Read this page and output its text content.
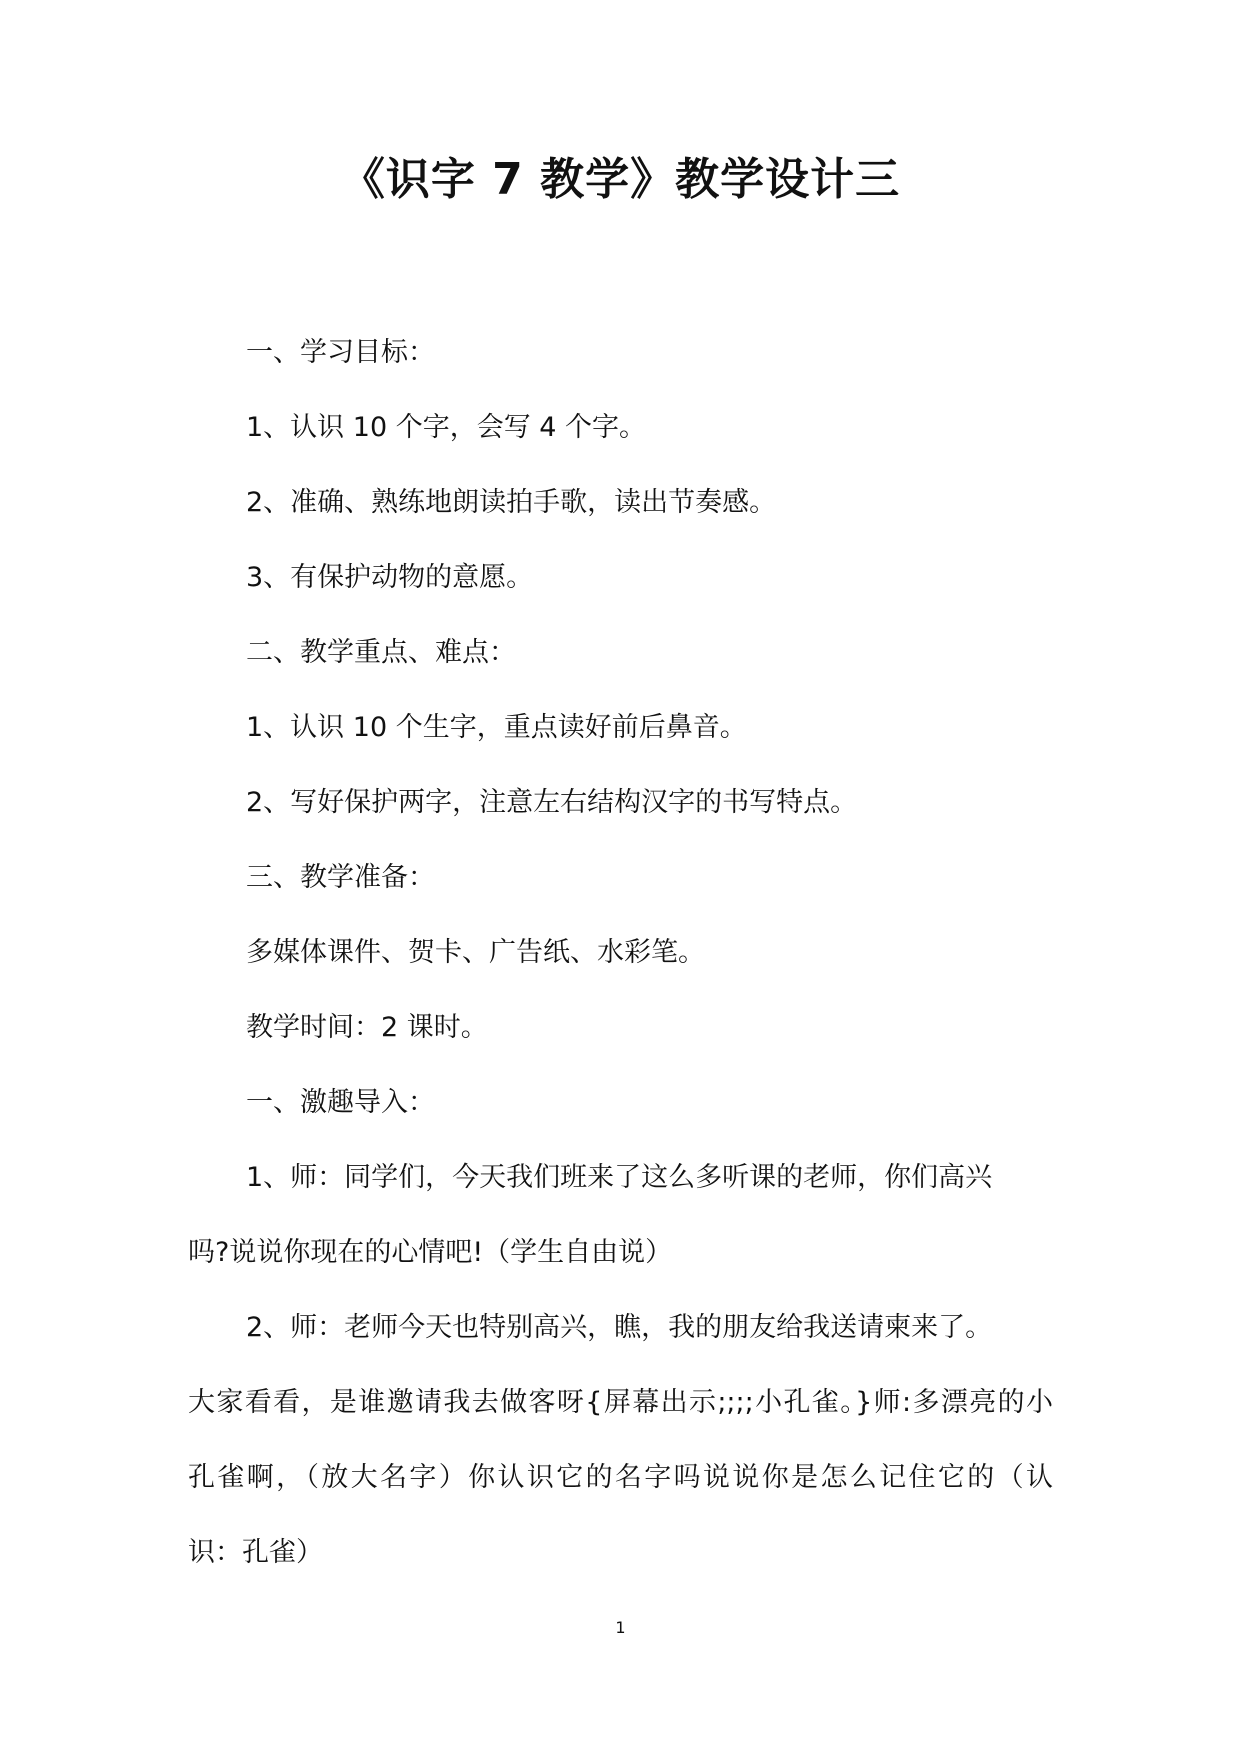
《识字 7 教学》教学设计三
一、学习目标：
1、认识 10 个字，会写 4 个字。
2、准确、熟练地朗读拍手歌，读出节奏感。
3、有保护动物的意愿。
二、教学重点、难点：
1、认识 10 个生字，重点读好前后鼻音。
2、写好保护两字，注意左右结构汉字的书写特点。
三、教学准备：
多媒体课件、贺卡、广告纸、水彩笔。
教学时间：2 课时。
一、激趣导入：
1、师：同学们，今天我们班来了这么多听课的老师，你们高兴
吗?说说你现在的心情吧!（学生自由说）
2、师：老师今天也特别高兴，瞧，我的朋友给我送请柬来了。
大家看看，是谁邀请我去做客呀{屏幕出示;;;;小孔雀。}师:多漂亮的小
孔雀啊，（放大名字）你认识它的名字吗说说你是怎么记住它的（认
识：孔雀）
1
